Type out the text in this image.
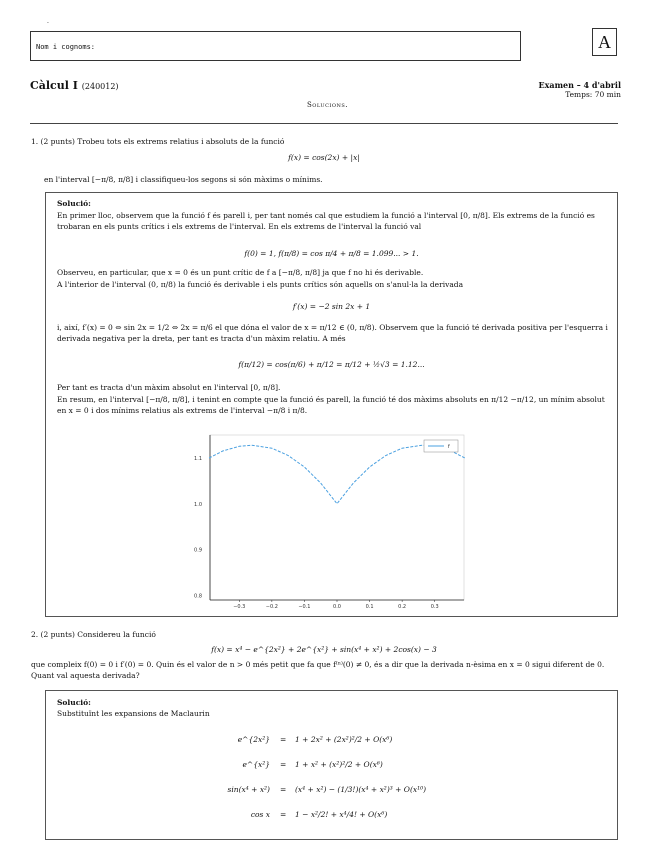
.
Nom i cognoms:	A
Càlcul I (240012)	Examen – 4 d'abril
Temps: 70 min
Solucions.
1. (2 punts) Trobeu tots els extrems relatius i absoluts de la funció
f(x) = cos(2x) + |x|
en l'interval [−π/8, π/8] i classifiqueu-los segons si són màxims o mínims.
Solució:
En primer lloc, observem que la funció f és parell i, per tant només cal que estudiem la funció a l'interval [0, π/8]. Els extrems de la funció es trobaran en els punts crítics i els extrems de l'interval. En els extrems de l'interval la funció val
f(0) = 1, f(π/8) = cos π/4 + π/8 = 1.099... > 1.
Observeu, en particular, que x = 0 és un punt crític de f a [−π/8, π/8] ja que f no hi és derivable.
A l'interior de l'interval (0, π/8) la funció és derivable i els punts crítics són aquells on s'anul·la la derivada
f′(x) = −2 sin 2x + 1
i, així, f′(x) = 0 ⇔ sin 2x = 1/2 ⇔ 2x = π/6 el que dóna el valor de x = π/12 ∈ (0, π/8). Observem que la funció té derivada positiva per l'esquerra i derivada negativa per la dreta, per tant es tracta d'un màxim relatiu. A més
f(π/12) = cos(π/6) + π/12 = π/12 + ½√3 = 1.12...
Per tant es tracta d'un màxim absolut en l'interval [0, π/8].
En resum, en l'interval [−π/8, π/8], i tenint en compte que la funció és parell, la funció té dos màxims absoluts en π/12 −π/12, un mínim absolut en x = 0 i dos mínims relatius als extrems de l'interval −π/8 i π/8.
−0.3	−0.2	−0.1	0.0	0.1	0.2	0.3
0.8
0.9
1.0
1.1
f
2. (2 punts) Considereu la funció
f(x) = x⁴ − e^{2x²} + 2e^{x²} + sin(x⁴ + x²) + 2cos(x) − 3
que compleix f(0) = 0 i f′(0) = 0. Quin és el valor de n > 0 més petit que fa que f⁽ⁿ⁾(0) ≠ 0, és a dir que la derivada n-èsima en x = 0 sigui diferent de 0. Quant val aquesta derivada?
Solució:
Substituïnt les expansions de Maclaurin
e^{2x²} = 1 + 2x² + (2x²)²/2 + O(x⁶)
e^{x²} = 1 + x² + (x²)²/2 + O(x⁶)
sin(x⁴ + x²) = (x⁴ + x²) − (1/3!)(x⁴ + x²)³ + O(x¹⁰)
cos x = 1 − x²/2! + x⁴/4! + O(x⁶)
